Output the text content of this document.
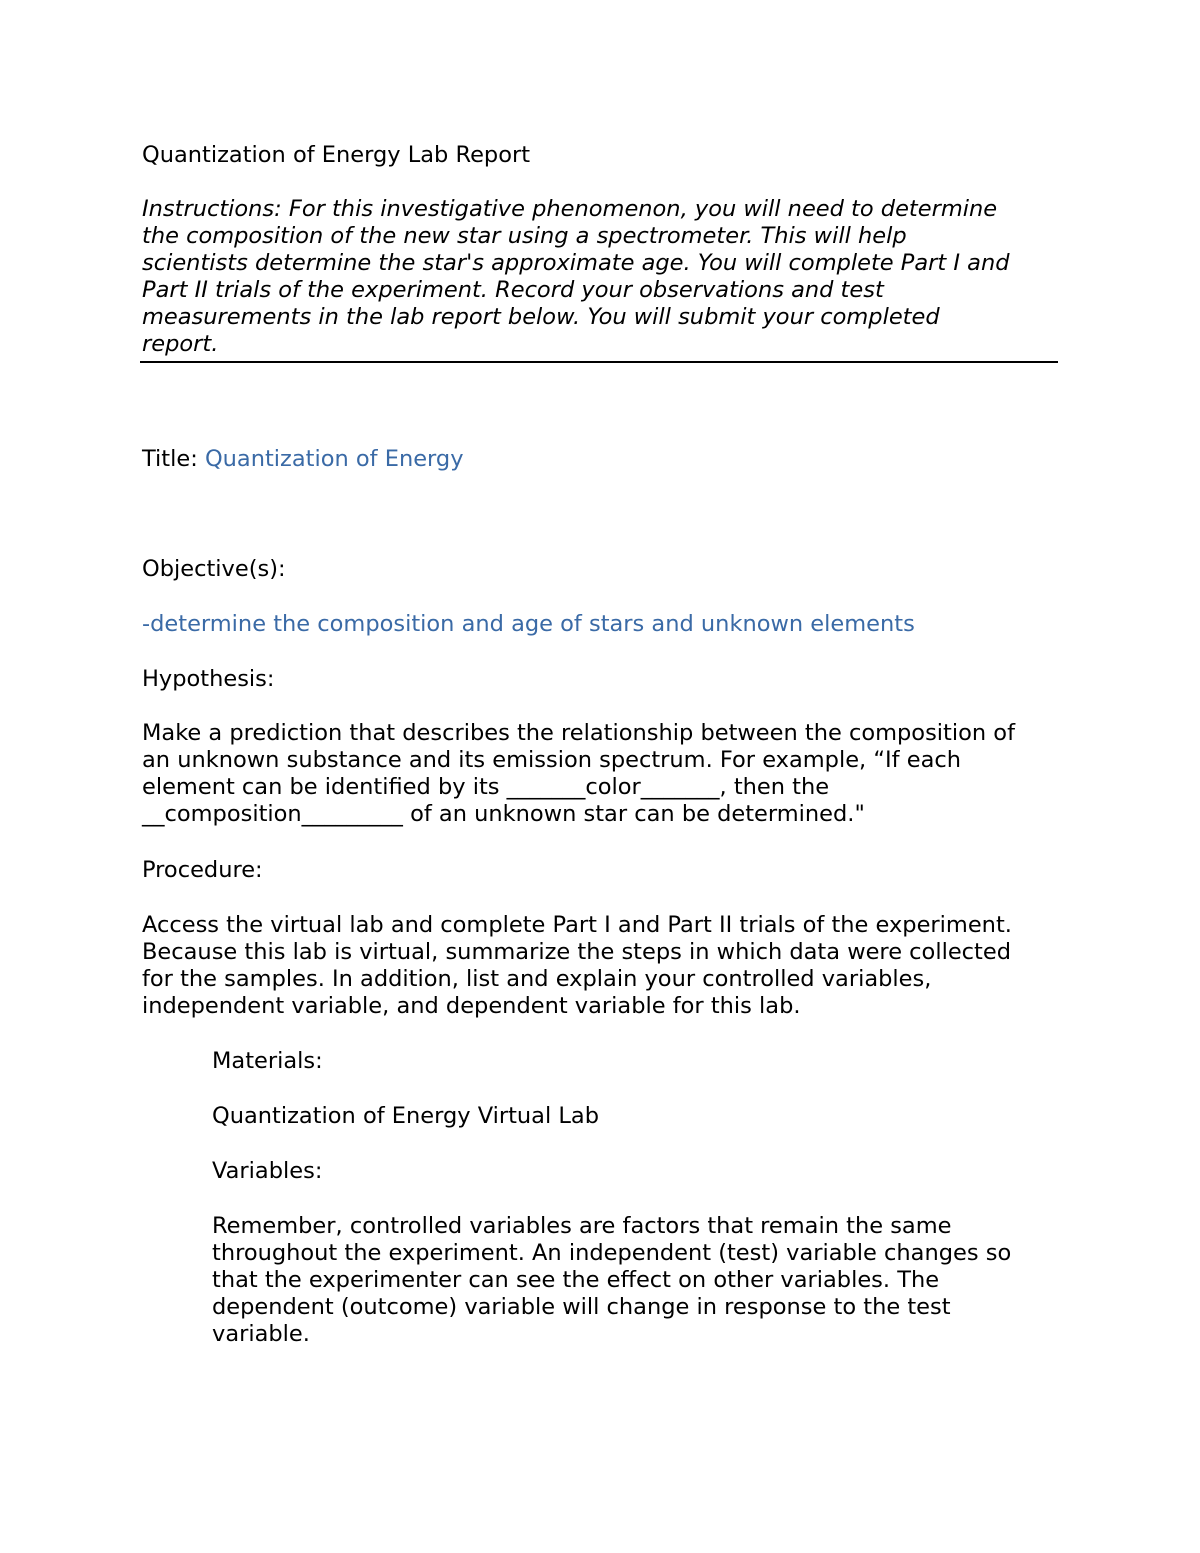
Quantization of Energy Lab Report

Instructions: For this investigative phenomenon, you will need to determine
the composition of the new star using a spectrometer. This will help
scientists determine the star's approximate age. You will complete Part I and
Part II trials of the experiment. Record your observations and test
measurements in the lab report below. You will submit your completed
report.

Title: Quantization of Energy

Objective(s):

-determine the composition and age of stars and unknown elements

Hypothesis:

Make a prediction that describes the relationship between the composition of
an unknown substance and its emission spectrum. For example, “If each
element can be identified by its _______color_______, then the
__composition_________ of an unknown star can be determined."

Procedure:

Access the virtual lab and complete Part I and Part II trials of the experiment.
Because this lab is virtual, summarize the steps in which data were collected
for the samples. In addition, list and explain your controlled variables,
independent variable, and dependent variable for this lab.

Materials:

Quantization of Energy Virtual Lab

Variables:

Remember, controlled variables are factors that remain the same
throughout the experiment. An independent (test) variable changes so
that the experimenter can see the effect on other variables. The
dependent (outcome) variable will change in response to the test
variable.
